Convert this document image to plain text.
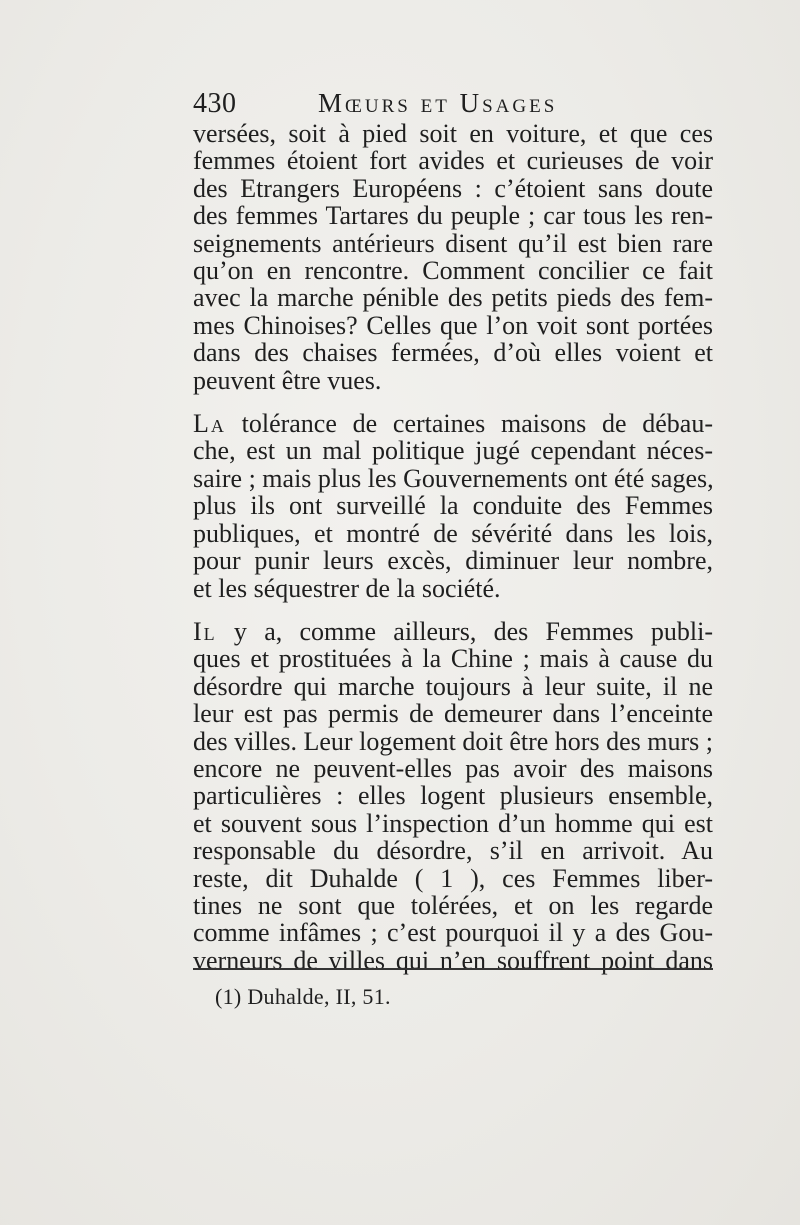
430	Mœurs et Usages
versées, soit à pied soit en voiture, et que ces
femmes étoient fort avides et curieuses de voir
des Etrangers Européens : c’étoient sans doute
des femmes Tartares du peuple ; car tous les ren-
seignements antérieurs disent qu’il est bien rare
qu’on en rencontre. Comment concilier ce fait
avec la marche pénible des petits pieds des fem-
mes Chinoises? Celles que l’on voit sont portées
dans des chaises fermées, d’où elles voient et
peuvent être vues.
La tolérance de certaines maisons de débau-
che, est un mal politique jugé cependant néces-
saire ; mais plus les Gouvernements ont été sages,
plus ils ont surveillé la conduite des Femmes
publiques, et montré de sévérité dans les lois,
pour punir leurs excès, diminuer leur nombre,
et les séquestrer de la société.
Il y a, comme ailleurs, des Femmes publi-
ques et prostituées à la Chine ; mais à cause du
désordre qui marche toujours à leur suite, il ne
leur est pas permis de demeurer dans l’enceinte
des villes. Leur logement doit être hors des murs ;
encore ne peuvent-elles pas avoir des maisons
particulières : elles logent plusieurs ensemble,
et souvent sous l’inspection d’un homme qui est
responsable du désordre, s’il en arrivoit. Au
reste, dit Duhalde ( 1 ), ces Femmes liber-
tines ne sont que tolérées, et on les regarde
comme infâmes ; c’est pourquoi il y a des Gou-
verneurs de villes qui n’en souffrent point dans
(1) Duhalde, II, 51.
